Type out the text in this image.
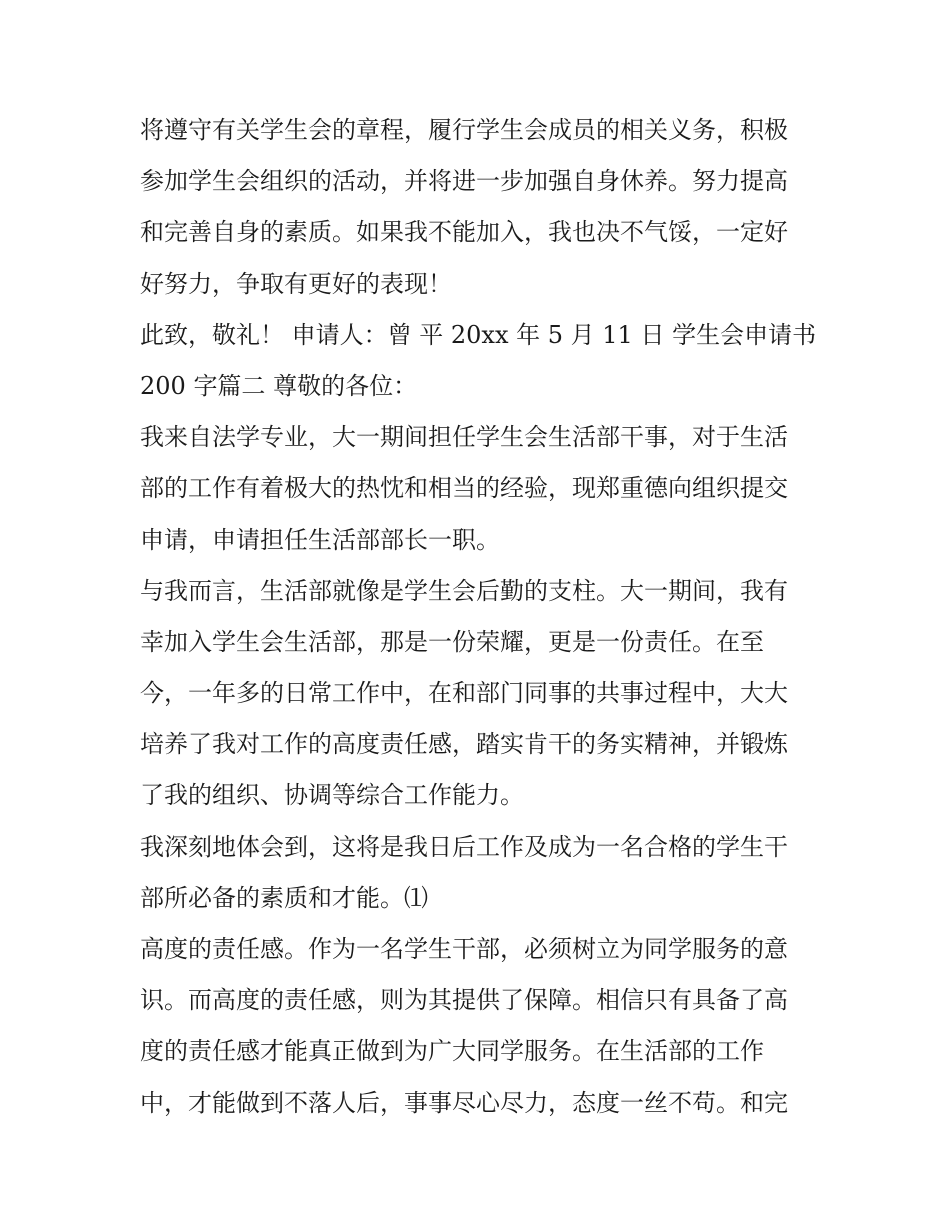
将遵守有关学生会的章程，履行学生会成员的相关义务，积极
参加学生会组织的活动，并将进一步加强自身休养。努力提高
和完善自身的素质。如果我不能加入，我也决不气馁，一定好
好努力，争取有更好的表现！
此致，敬礼！ 申请人：曾 平 20xx 年 5 月 11 日 学生会申请书
200 字篇二 尊敬的各位：
我来自法学专业，大一期间担任学生会生活部干事，对于生活
部的工作有着极大的热忱和相当的经验，现郑重德向组织提交
申请，申请担任生活部部长一职。
与我而言，生活部就像是学生会后勤的支柱。大一期间，我有
幸加入学生会生活部，那是一份荣耀，更是一份责任。在至
今，一年多的日常工作中，在和部门同事的共事过程中，大大
培养了我对工作的高度责任感，踏实肯干的务实精神，并锻炼
了我的组织、协调等综合工作能力。
我深刻地体会到，这将是我日后工作及成为一名合格的学生干
部所必备的素质和才能。⑴
高度的责任感。作为一名学生干部，必须树立为同学服务的意
识。而高度的责任感，则为其提供了保障。相信只有具备了高
度的责任感才能真正做到为广大同学服务。在生活部的工作
中，才能做到不落人后，事事尽心尽力，态度一丝不苟。和完
